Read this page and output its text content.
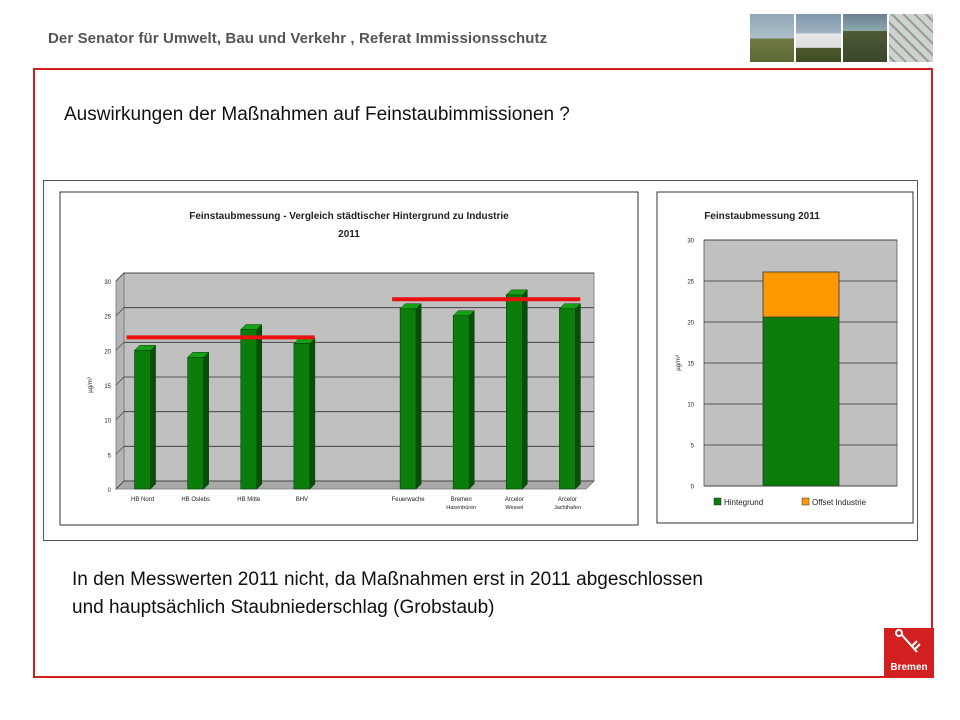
Der Senator für Umwelt, Bau und Verkehr , Referat Immissionsschutz
Auswirkungen der Maßnahmen auf Feinstaubimmissionen ?
Feinstaubmessung - Vergleich städtischer Hintergrund zu Industrie
2011
0
5
10
15
20
25
30
µg/m³
HB Nord	HB Oslebs	HB Mitte	BHV	Feuerwache	Bremen
Hasenbüren
Arcelor
Wessel
Arcelor
Jachthafen
Feinstaubmessung 2011
0
5
10
15
20
25
30
µg/m³
Hintegrund	Offset Industrie
In den Messwerten 2011 nicht, da Maßnahmen erst in 2011 abgeschlossen
und hauptsächlich Staubniederschlag (Grobstaub)
Bremen
